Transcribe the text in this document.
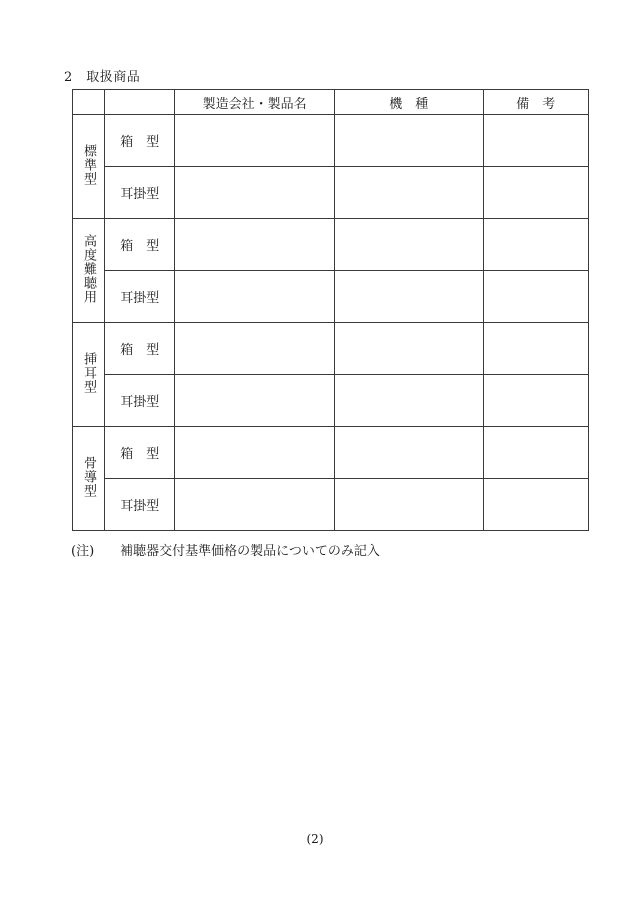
2　 取扱商品
		製造会社・製品名	機　種	備　考
標準型	箱　型			
	耳掛型			
高度難聴用	箱　型			
	耳掛型			
挿耳型	箱　型			
	耳掛型			
骨導型	箱　型			
	耳掛型			
(注)　　 補聴器交付基準価格の製品についてのみ記入
(2)
